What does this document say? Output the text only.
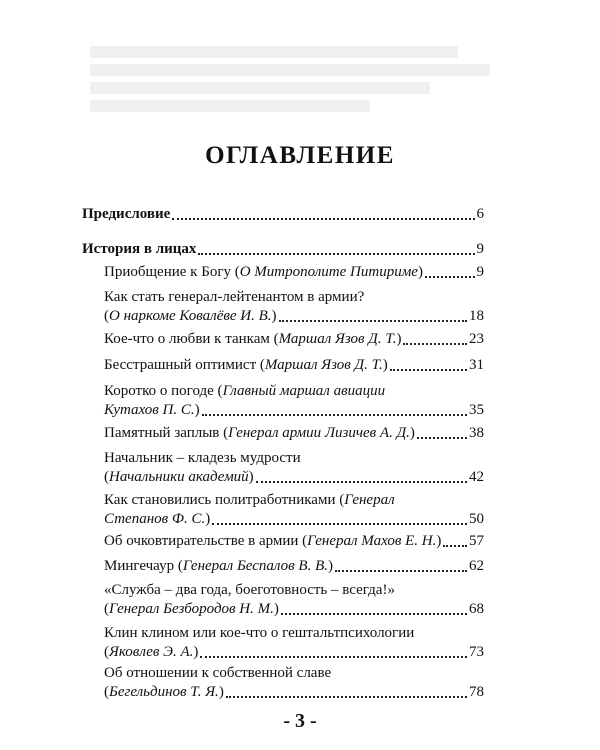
ОГЛАВЛЕНИЕ
Предисловие	6
История в лицах	9
Приобщение к Богу (О Митрополите Питириме)	9
Как стать генерал-лейтенантом в армии?
(О наркоме Ковалёве И. В.)	18
Кое-что о любви к танкам (Маршал Язов Д. Т.)	23
Бесстрашный оптимист (Маршал Язов Д. Т.)	31
Коротко о погоде (Главный маршал авиации
Кутахов П. С.)	35
Памятный заплыв (Генерал армии Лизичев А. Д.)	38
Начальник – кладезь мудрости
(Начальники академий)	42
Как становились политработниками (Генерал
Степанов Ф. С.)	50
Об очковтирательстве в армии (Генерал Махов Е. Н.) 57
Мингечаур (Генерал Беспалов В. В.)	62
«Служба – два года, боеготовность – всегда!»
(Генерал Безбородов Н. М.)	68
Клин клином или кое-что о гештальтпсихологии
(Яковлев Э. А.)	73
Об отношении к собственной славе
(Бегельдинов Т. Я.)	78
- 3 -
